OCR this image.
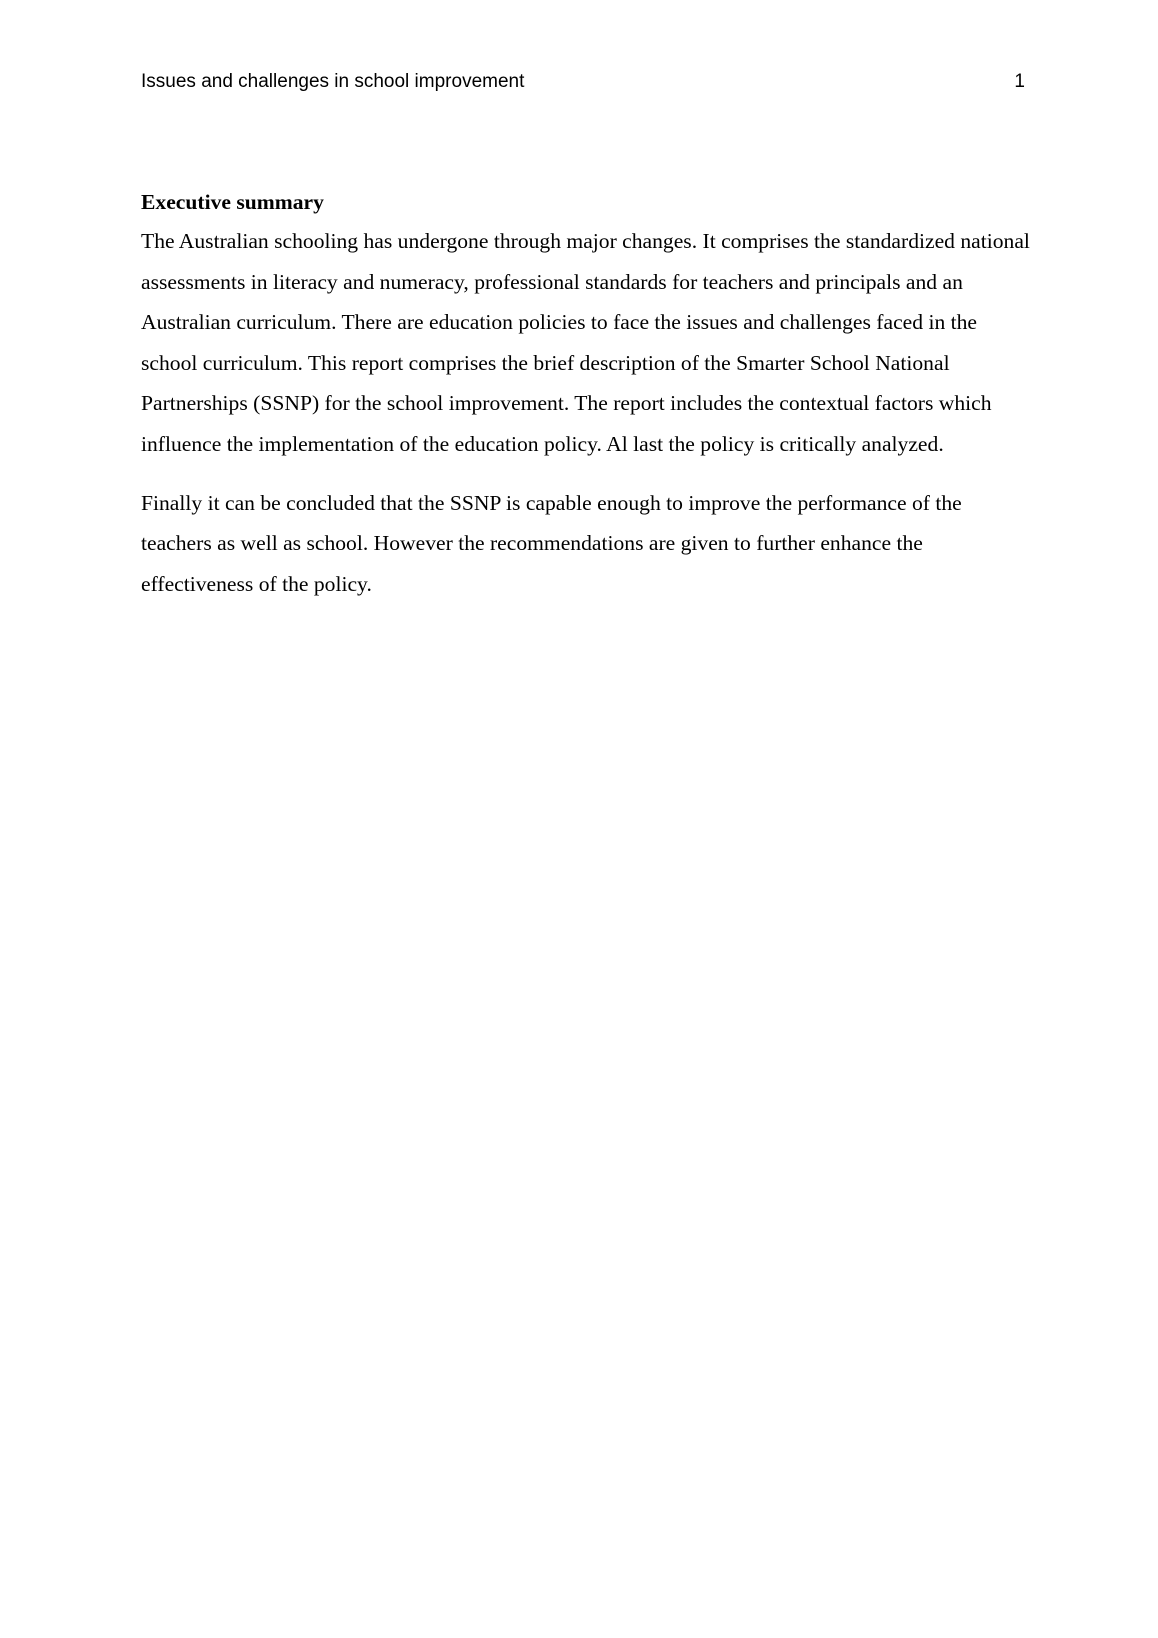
Issues and challenges in school improvement	1
Executive summary

The Australian schooling has undergone through major changes. It comprises the standardized national assessments in literacy and numeracy, professional standards for teachers and principals and an Australian curriculum. There are education policies to face the issues and challenges faced in the school curriculum. This report comprises the brief description of the Smarter School National Partnerships (SSNP) for the school improvement. The report includes the contextual factors which influence the implementation of the education policy. Al last the policy is critically analyzed.

Finally it can be concluded that the SSNP is capable enough to improve the performance of the teachers as well as school. However the recommendations are given to further enhance the effectiveness of the policy.
